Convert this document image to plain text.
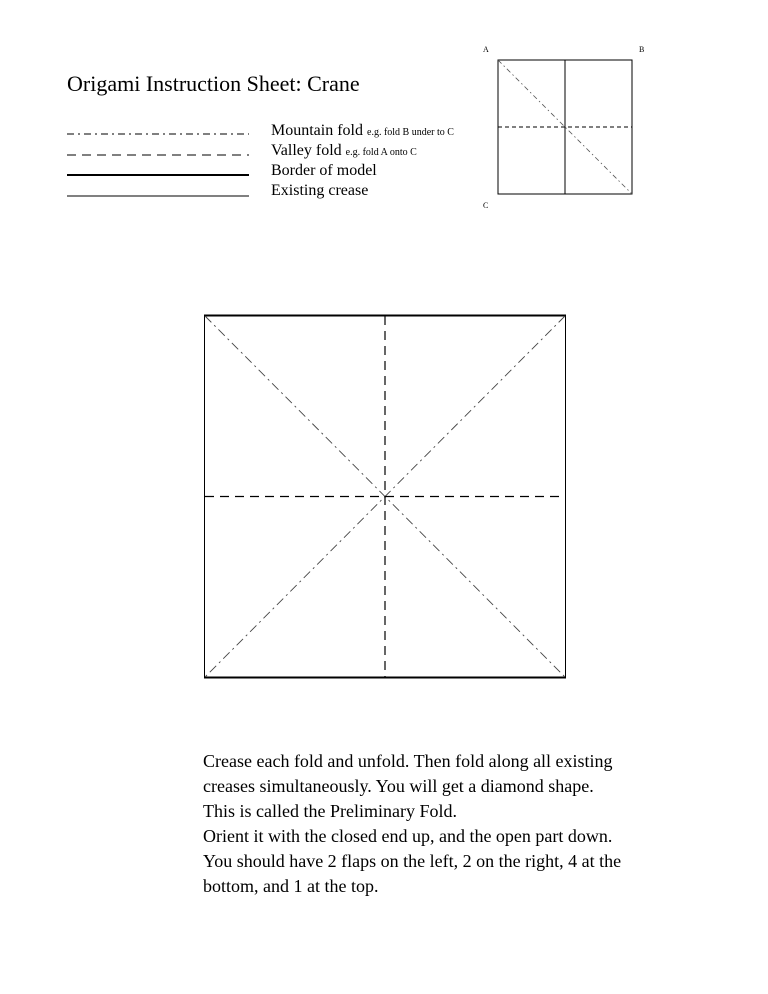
Origami Instruction Sheet: Crane
Mountain fold e.g. fold B under to C
Valley fold e.g. fold A onto C
Border of model
Existing crease
A	B
C
Crease each fold and unfold. Then fold along all existing
creases simultaneously. You will get a diamond shape.
This is called the Preliminary Fold.
Orient it with the closed end up, and the open part down.
You should have 2 flaps on the left, 2 on the right, 4 at the
bottom, and 1 at the top.
